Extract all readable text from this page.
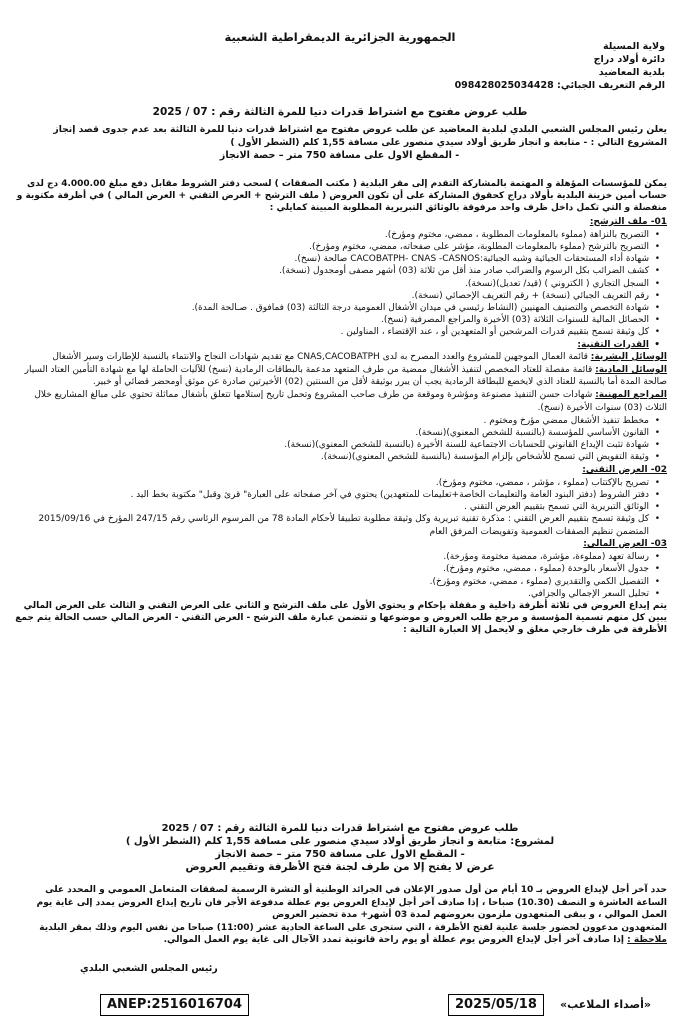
الجمهورية الجزائرية الديمقراطية الشعبية
ولاية المسيلة
دائرة أولاد دراج
بلدية المعاضيد
الرقم التعريف الجبائي: 098428025034428
طلب عروض مفتوح مع اشتراط قدرات دنيا للمرة الثالثة رقم : 07 / 2025
يعلن رئيس المجلس الشعبي البلدي لبلدية المعاضيد عن طلب عروض مفتوح مع اشتراط قدرات دنيا للمرة الثالثة بعد عدم جدوى قصد إنجاز المشروع التالي : - متابعة و انجاز طريق أولاد سيدي منصور على مسافة 1,55 كلم (الشطر الأول )
- المقطع الاول على مسافة 750 متر – حصة الانجاز

يمكن للمؤسسات المؤهلة و المهتمة بالمشاركة التقدم إلى مقر البلدية ( مكتب الصفقات ) لسحب دفتر الشروط مقابل دفع مبلغ 4.000.00 دج لدى حساب أمين خزينة البلدية بأولاد دراج كحقوق المشاركة على أن تكون العروض ( ملف الترشح + العرض التقني + العرض المالي ) في أظرفة مكتوبة و منفصلة و التي تكمل داخل ظرف واحد مرفوقة بالوثائق التبريرية المطلوبة المبينة كمايلي :

01- ملف الترشح:

• التصريح بالنزاهة (مملوء بالمعلومات المطلوبة ، ممضي، مختوم ومؤرخ).
• التصريح بالترشح (مملوء بالمعلومات المطلوبة، مؤشر على صفحاته، ممضي، مختوم ومؤرخ).
• شهادة أداء المستحقات الجبائية وشبه الجبائية:CACOBATPH- CNAS -CASNOS صالحة (نسخ).
• كشف الضرائب بكل الرسوم والضرائب صادر منذ أقل من ثلاثة (03) أشهر مصفى أومجدول (نسخة).
• السجل التجاري ( الكتروني ) (قيد/ تعديل)(نسخة).
• رقم التعريف الجبائي (نسخة) + رقم التعريف الإحصائي (نسخة).
• شهادة التخصص والتصنيف المهنيين (النشاط رئيسي في ميدان الأشغال العمومية درجة الثالثة (03) فمافوق . صـالحة المدة).
• الحصائل المالية للسنوات الثلاثة (03) الأخيرة والمراجع المصرفية (نسخ).
• كل وثيقة تسمح بتقييم قدرات المرشحين أو المتعهدين أو ، عند الإقتضاء ، المناولين .
• القدرات التقنية:

الوسائل البشرية: قائمة العمال الموجهين للمشروع والعدد المصرح به لدى CNAS,CACOBATPH مع تقديم شهادات النجاح والانتماء بالنسبة للإطارات وسير الأشغال

الوسائل المادية: قائمة مفصلة للعتاد المخصص لتنفيذ الأشغال ممضية من طرف المتعهد مدعمة بالبطاقات الرمادية (نسخ) للآليات الحاملة لها مع شهادة التأمين العتاد السيار صالحة المدة أما بالنسبة للعتاد الذي لايخضع للبطاقة الرمادية يجب أن يبرر بوثيقة لأقل من السنتين (02) الأخيرتين صادرة عن موثق أومحضر قضائي أو خبير.

المراجع المهنية: شهادات حسن التنفيذ مصنوعة ومؤشرة وموقعة من طرف صاحب المشروع وتحمل تاريخ إستلامها تتعلق بأشغال مماثلة تحتوي على مبالغ المشاريع خلال الثلاث (03) سنوات الأخيرة (نسخ).

• مخطط تنفيذ الأشغال ممضي مؤرخ ومختوم .
• القانون الأساسي للمؤسسة (بالنسبة للشخص المعنوي)(نسخة).
• شهادة تثبت الإيداع القانوني للحسابات الاجتماعية للسنة الأخيرة (بالنسبة للشخص المعنوي)(نسخة).
• وثيقة التفويض التي تسمح للأشخاص بإلزام المؤسسة (بالنسبة للشخص المعنوي)(نسخة).

02- العرض التقني:

• تصريح بالإكتتاب (مملوء ، مؤشر ، ممضي، مختوم ومؤرخ).
• دفتر الشروط (دفتر البنود العامة والتعليمات الخاصة+تعليمات للمتعهدين) يحتوي في آخر صفحاته على العبارة" قرئ وقبل" مكتوبة بخط اليد .
• الوثائق التبريرية التي تسمح بتقييم العرض التقني .
• كل وثيقة تسمح بتقييم العرض التقني : مذكرة تقنية تبريرية وكل وثيقة مطلوبة تطبيقا لأحكام المادة 78 من المرسوم الرئاسي رقم 247/15 المؤرخ في 2015/09/16 المتضمن تنظيم الصفقات العمومية وتفويضات المرفق العام

03- العرض المالي:

• رسالة تعهد (مملوءة، مؤشرة، ممضية مختومة ومؤرخة).
• جدول الأسعار بالوحدة (مملوء ، ممضي، مختوم ومؤرخ).
• التفصيل الكمي والتقديري (مملوء ، ممضي، مختوم ومؤرخ).
• تحليل السعر الإجمالي والجزافي.

يتم إيداع العروض في ثلاثة أظرفة داخلية و مقفلة بإحكام و يحتوي الأول على ملف الترشح و الثاني على العرض التقني و الثالث على العرض المالي يبين كل منهم تسمية المؤسسة و مرجع طلب العروض و موضوعها و تتضمن عبارة ملف الترشح - العرض التقني - العرض المالي حسب الحالة يتم جمع الأظرفة في ظرف خارجي مغلق و لايحمل إلا العبارة التالية :

طلب عروض مفتوح مع اشتراط قدرات دنيا للمرة الثالثة رقم : 07 / 2025
لمشروع: متابعة و انجاز طريق أولاد سيدي منصور على مسافة 1,55 كلم (الشطر الأول )
- المقطع الاول على مسافة 750 متر – حصة الانجاز
عرض لا يفتح إلا من طرف لجنة فتح الأظرفة وتقييم العروض
حدد آخر أجل لإيداع العروض بـ 10 أيام من أول صدور الإعلان في الجرائد الوطنية أو النشرة الرسمية لصفقات المتعامل العمومي و المحدد على الساعة العاشرة و النصف (10.30) صباحا ، إذا صادف آخر أجل لإيداع العروض يوم عطلة مدفوعة الأجر فان تاريخ إيداع العروض يمدد إلى غاية يوم العمل الموالي ، و يبقى المتعهدون ملزمون بعروضهم لمدة 03 أشهر+ مدة تحضير العروض
المتعهدون مدعوون لحضور جلسة علنية لفتح الأظرفة ، التي ستجرى على الساعة الحادية عشر (11:00) صباحا من نفس اليوم وذلك بمقر البلدية
ملاحظة : إذا صادف آخر أجل لإيداع العروض يوم عطلة أو يوم راحة قانونية تمدد الآجال الى غاية يوم العمل الموالي.
رئيس المجلس الشعبي البلدي
ANEP:2516016704	2025/05/18	«أصداء الملاعب»
